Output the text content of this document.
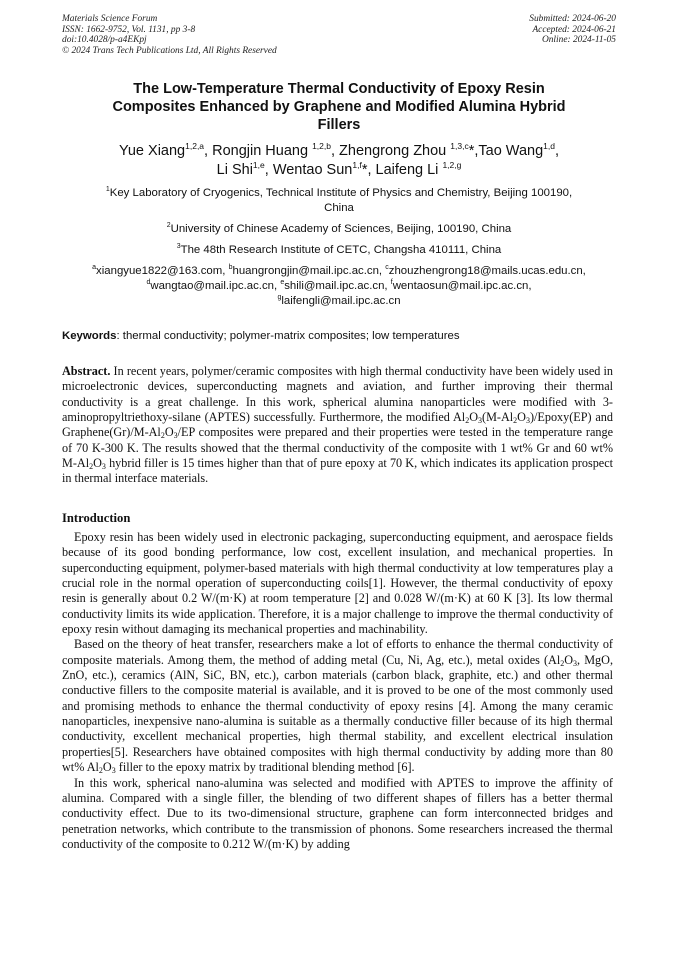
Materials Science Forum
ISSN: 1662-9752, Vol. 1131, pp 3-8
doi:10.4028/p-a4EKpj
© 2024 Trans Tech Publications Ltd, All Rights Reserved
Submitted: 2024-06-20
Accepted: 2024-06-21
Online: 2024-11-05
The Low-Temperature Thermal Conductivity of Epoxy Resin
Composites Enhanced by Graphene and Modified Alumina Hybrid
Fillers
Yue Xiang$^{1,2,a}$, Rongjin Huang $^{1,2,b}$, Zhengrong Zhou $^{1,3,c}$*,Tao Wang$^{1,d}$,
Li Shi$^{1,e}$, Wentao Sun$^{1,f}$*, Laifeng Li $^{1,2,g}$
$^1$Key Laboratory of Cryogenics, Technical Institute of Physics and Chemistry, Beijing 100190,
China
$^2$University of Chinese Academy of Sciences, Beijing, 100190, China
$^3$The 48th Research Institute of CETC, Changsha 410111, China
$^a$xiangyue1822@163.com, $^b$huangrongjin@mail.ipc.ac.cn, $^c$zhouzhengrong18@mails.ucas.edu.cn,
$^d$wangtao@mail.ipc.ac.cn, $^e$shili@mail.ipc.ac.cn, $^f$wentaosun@mail.ipc.ac.cn,
$^g$laifengli@mail.ipc.ac.cn
Keywords: thermal conductivity; polymer-matrix composites; low temperatures
Abstract. In recent years, polymer/ceramic composites with high thermal conductivity have been widely used in microelectronic devices, superconducting magnets and aviation, and further improving their thermal conductivity is a great challenge. In this work, spherical alumina nanoparticles were modified with 3-aminopropyltriethoxy-silane (APTES) successfully. Furthermore, the modified $Al_2O_3(M-Al_2O_3)/Epoxy(EP)$ and $Graphene(Gr)/M-Al_2O_3/EP$ composites were prepared and their properties were tested in the temperature range of 70 K-300 K. The results showed that the thermal conductivity of the composite with 1 wt% Gr and 60 wt% $M-Al_2O_3$ hybrid filler is 15 times higher than that of pure epoxy at 70 K, which indicates its application prospect in thermal interface materials.
Introduction

Epoxy resin has been widely used in electronic packaging, superconducting equipment, and aerospace fields because of its good bonding performance, low cost, excellent insulation, and mechanical properties. In superconducting equipment, polymer-based materials with high thermal conductivity at low temperatures play a crucial role in the normal operation of superconducting coils[1]. However, the thermal conductivity of epoxy resin is generally about 0.2 W/(m·K) at room temperature [2] and 0.028 W/(m·K) at 60 K [3]. Its low thermal conductivity limits its wide application. Therefore, it is a major challenge to improve the thermal conductivity of epoxy resin without damaging its mechanical properties and machinability.

Based on the theory of heat transfer, researchers make a lot of efforts to enhance the thermal conductivity of composite materials. Among them, the method of adding metal (Cu, Ni, Ag, etc.), metal oxides ($Al_2O_3$, MgO, ZnO, etc.), ceramics (AlN, SiC, BN, etc.), carbon materials (carbon black, graphite, etc.) and other thermal conductive fillers to the composite material is available, and it is proved to be one of the most commonly used and promising methods to enhance the thermal conductivity of epoxy resins [4]. Among the many ceramic nanoparticles, inexpensive nano-alumina is suitable as a thermally conductive filler because of its high thermal conductivity, excellent mechanical properties, high thermal stability, and excellent electrical insulation properties[5]. Researchers have obtained composites with high thermal conductivity by adding more than 80 wt% $Al_2O_3$ filler to the epoxy matrix by traditional blending method [6].

In this work, spherical nano-alumina was selected and modified with APTES to improve the affinity of alumina. Compared with a single filler, the blending of two different shapes of fillers has a better thermal conductivity effect. Due to its two-dimensional structure, graphene can form interconnected bridges and penetration networks, which contribute to the transmission of phonons. Some researchers increased the thermal conductivity of the composite to 0.212 W/(m·K) by adding
